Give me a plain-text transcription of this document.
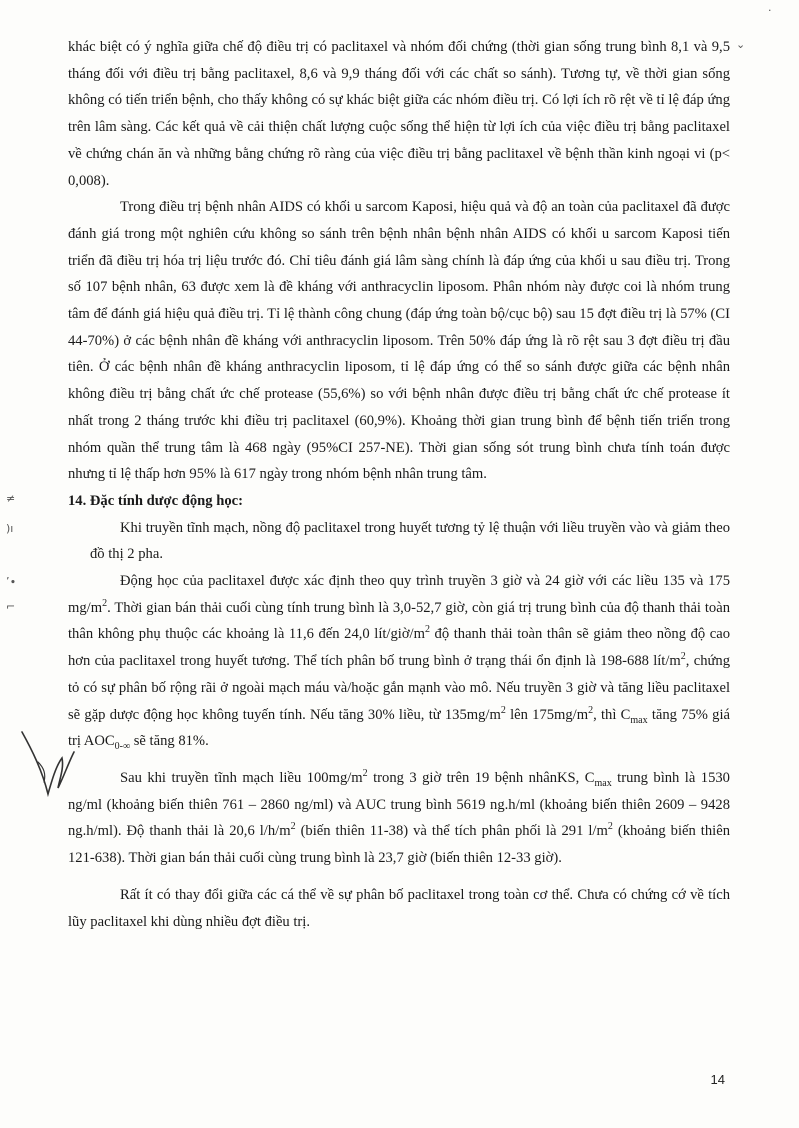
⌄
·
≠
)ı
ʼ∙
⌐

khác biệt có ý nghĩa giữa chế độ điều trị có paclitaxel và nhóm đối chứng (thời gian sống trung bình 8,1 và 9,5 tháng đối với điều trị bằng paclitaxel, 8,6 và 9,9 tháng đối với các chất so sánh). Tương tự, về thời gian sống không có tiến triển bệnh, cho thấy không có sự khác biệt giữa các nhóm điều trị. Có lợi ích rõ rệt về tỉ lệ đáp ứng trên lâm sàng. Các kết quả về cải thiện chất lượng cuộc sống thể hiện từ lợi ích của việc điều trị bằng paclitaxel về chứng chán ăn và những bằng chứng rõ ràng của việc điều trị bằng paclitaxel về bệnh thần kinh ngoại vi (p< 0,008).

Trong điều trị bệnh nhân AIDS có khối u sarcom Kaposi, hiệu quả và độ an toàn của paclitaxel đã được đánh giá trong một nghiên cứu không so sánh trên bệnh nhân bệnh nhân AIDS có khối u sarcom Kaposi tiến triển đã điều trị hóa trị liệu trước đó. Chỉ tiêu đánh giá lâm sàng chính là đáp ứng của khối u sau điều trị. Trong số 107 bệnh nhân, 63 được xem là đề kháng với anthracyclin liposom. Phân nhóm này được coi là nhóm trung tâm để đánh giá hiệu quả điều trị. Tỉ lệ thành công chung (đáp ứng toàn bộ/cục bộ) sau 15 đợt điều trị là 57% (CI 44-70%) ở các bệnh nhân đề kháng với anthracyclin liposom. Trên 50% đáp ứng là rõ rệt sau 3 đợt điều trị đầu tiên. Ở các bệnh nhân đề kháng anthracyclin liposom, tỉ lệ đáp ứng có thể so sánh được giữa các bệnh nhân không điều trị bằng chất ức chế protease (55,6%) so với bệnh nhân được điều trị bằng chất ức chế protease ít nhất trong 2 tháng trước khi điều trị paclitaxel (60,9%). Khoảng thời gian trung bình để bệnh tiến triển trong nhóm quần thể trung tâm là 468 ngày (95%CI 257-NE). Thời gian sống sót trung bình chưa tính toán được nhưng tỉ lệ thấp hơn 95% là 617 ngày trong nhóm bệnh nhân trung tâm.

14. Đặc tính dược động học:

Khi truyền tĩnh mạch, nồng độ paclitaxel trong huyết tương tỷ lệ thuận với liều truyền vào và giảm theo đồ thị 2 pha.

Động học của paclitaxel được xác định theo quy trình truyền 3 giờ và 24 giờ với các liều 135 và 175 $mg/m^2$. Thời gian bán thải cuối cùng tính trung bình là 3,0-52,7 giờ, còn giá trị trung bình của độ thanh thải toàn thân không phụ thuộc các khoảng là 11,6 đến 24,0 lít/$giờ/m^2$ độ thanh thải toàn thân sẽ giảm theo nồng độ cao hơn của paclitaxel trong huyết tương. Thể tích phân bố trung bình ở trạng thái ổn định là 198-688 lít/$m^2$, chứng tỏ có sự phân bố rộng rãi ở ngoài mạch máu và/hoặc gắn mạnh vào mô. Nếu truyền 3 giờ và tăng liều paclitaxel sẽ gặp dược động học không tuyến tính. Nếu tăng 30% liều, từ $135mg/m^2$ lên $175mg/m^2$, thì $C_{max}$ tăng 75% giá trị $AOC_{0-\infty}$ sẽ tăng 81%.

Sau khi truyền tĩnh mạch liều $100mg/m^2$ trong 3 giờ trên 19 bệnh nhânKS, $C_{max}$ trung bình là 1530 ng/ml (khoảng biến thiên 761 – 2860 ng/ml) và AUC trung bình 5619 ng.h/ml (khoảng biến thiên 2609 – 9428 ng.h/ml). Độ thanh thải là 20,6 $l/h/m^2$ (biến thiên 11-38) và thể tích phân phối là 291 $l/m^2$ (khoảng biến thiên 121-638). Thời gian bán thải cuối cùng trung bình là 23,7 giờ (biến thiên 12-33 giờ).

Rất ít có thay đổi giữa các cá thể về sự phân bố paclitaxel trong toàn cơ thể. Chưa có chứng cớ về tích lũy paclitaxel khi dùng nhiều đợt điều trị.

14
